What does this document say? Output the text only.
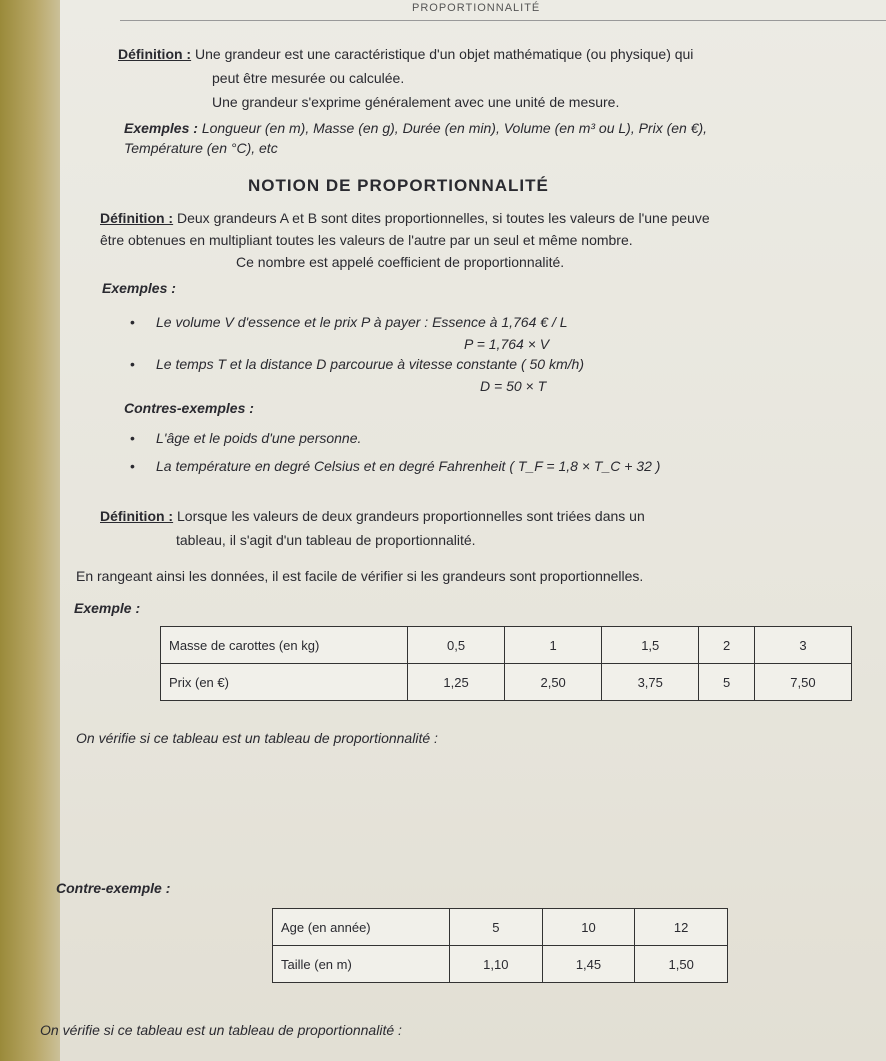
PROPORTIONNALITÉ
Définition : Une grandeur est une caractéristique d'un objet mathématique (ou physique) qui
peut être mesurée ou calculée.
Une grandeur s'exprime généralement avec une unité de mesure.
Exemples : Longueur (en m), Masse (en g), Durée (en min), Volume (en m³ ou L), Prix (en €),
Température (en °C), etc
NOTION DE PROPORTIONNALITÉ
Définition : Deux grandeurs A et B sont dites proportionnelles, si toutes les valeurs de l'une peuve
être obtenues en multipliant toutes les valeurs de l'autre par un seul et même nombre.
Ce nombre est appelé coefficient de proportionnalité.
Exemples :
• Le volume V d'essence et le prix P à payer : Essence à 1,764 € / L
P = 1,764 × V
• Le temps T et la distance D parcourue à vitesse constante ( 50 km/h)
D = 50 × T
Contres-exemples :
• L'âge et le poids d'une personne.
• La température en degré Celsius et en degré Fahrenheit ( T_F = 1,8 × T_C + 32 )
Définition : Lorsque les valeurs de deux grandeurs proportionnelles sont triées dans un
tableau, il s'agit d'un tableau de proportionnalité.
En rangeant ainsi les données, il est facile de vérifier si les grandeurs sont proportionnelles.
Exemple :
Masse de carottes (en kg)	0,5	1	1,5	2	3
Prix (en €)	1,25	2,50	3,75	5	7,50
On vérifie si ce tableau est un tableau de proportionnalité :
Contre-exemple :
Age (en année)	5	10	12
Taille (en m)	1,10	1,45	1,50
On vérifie si ce tableau est un tableau de proportionnalité :
